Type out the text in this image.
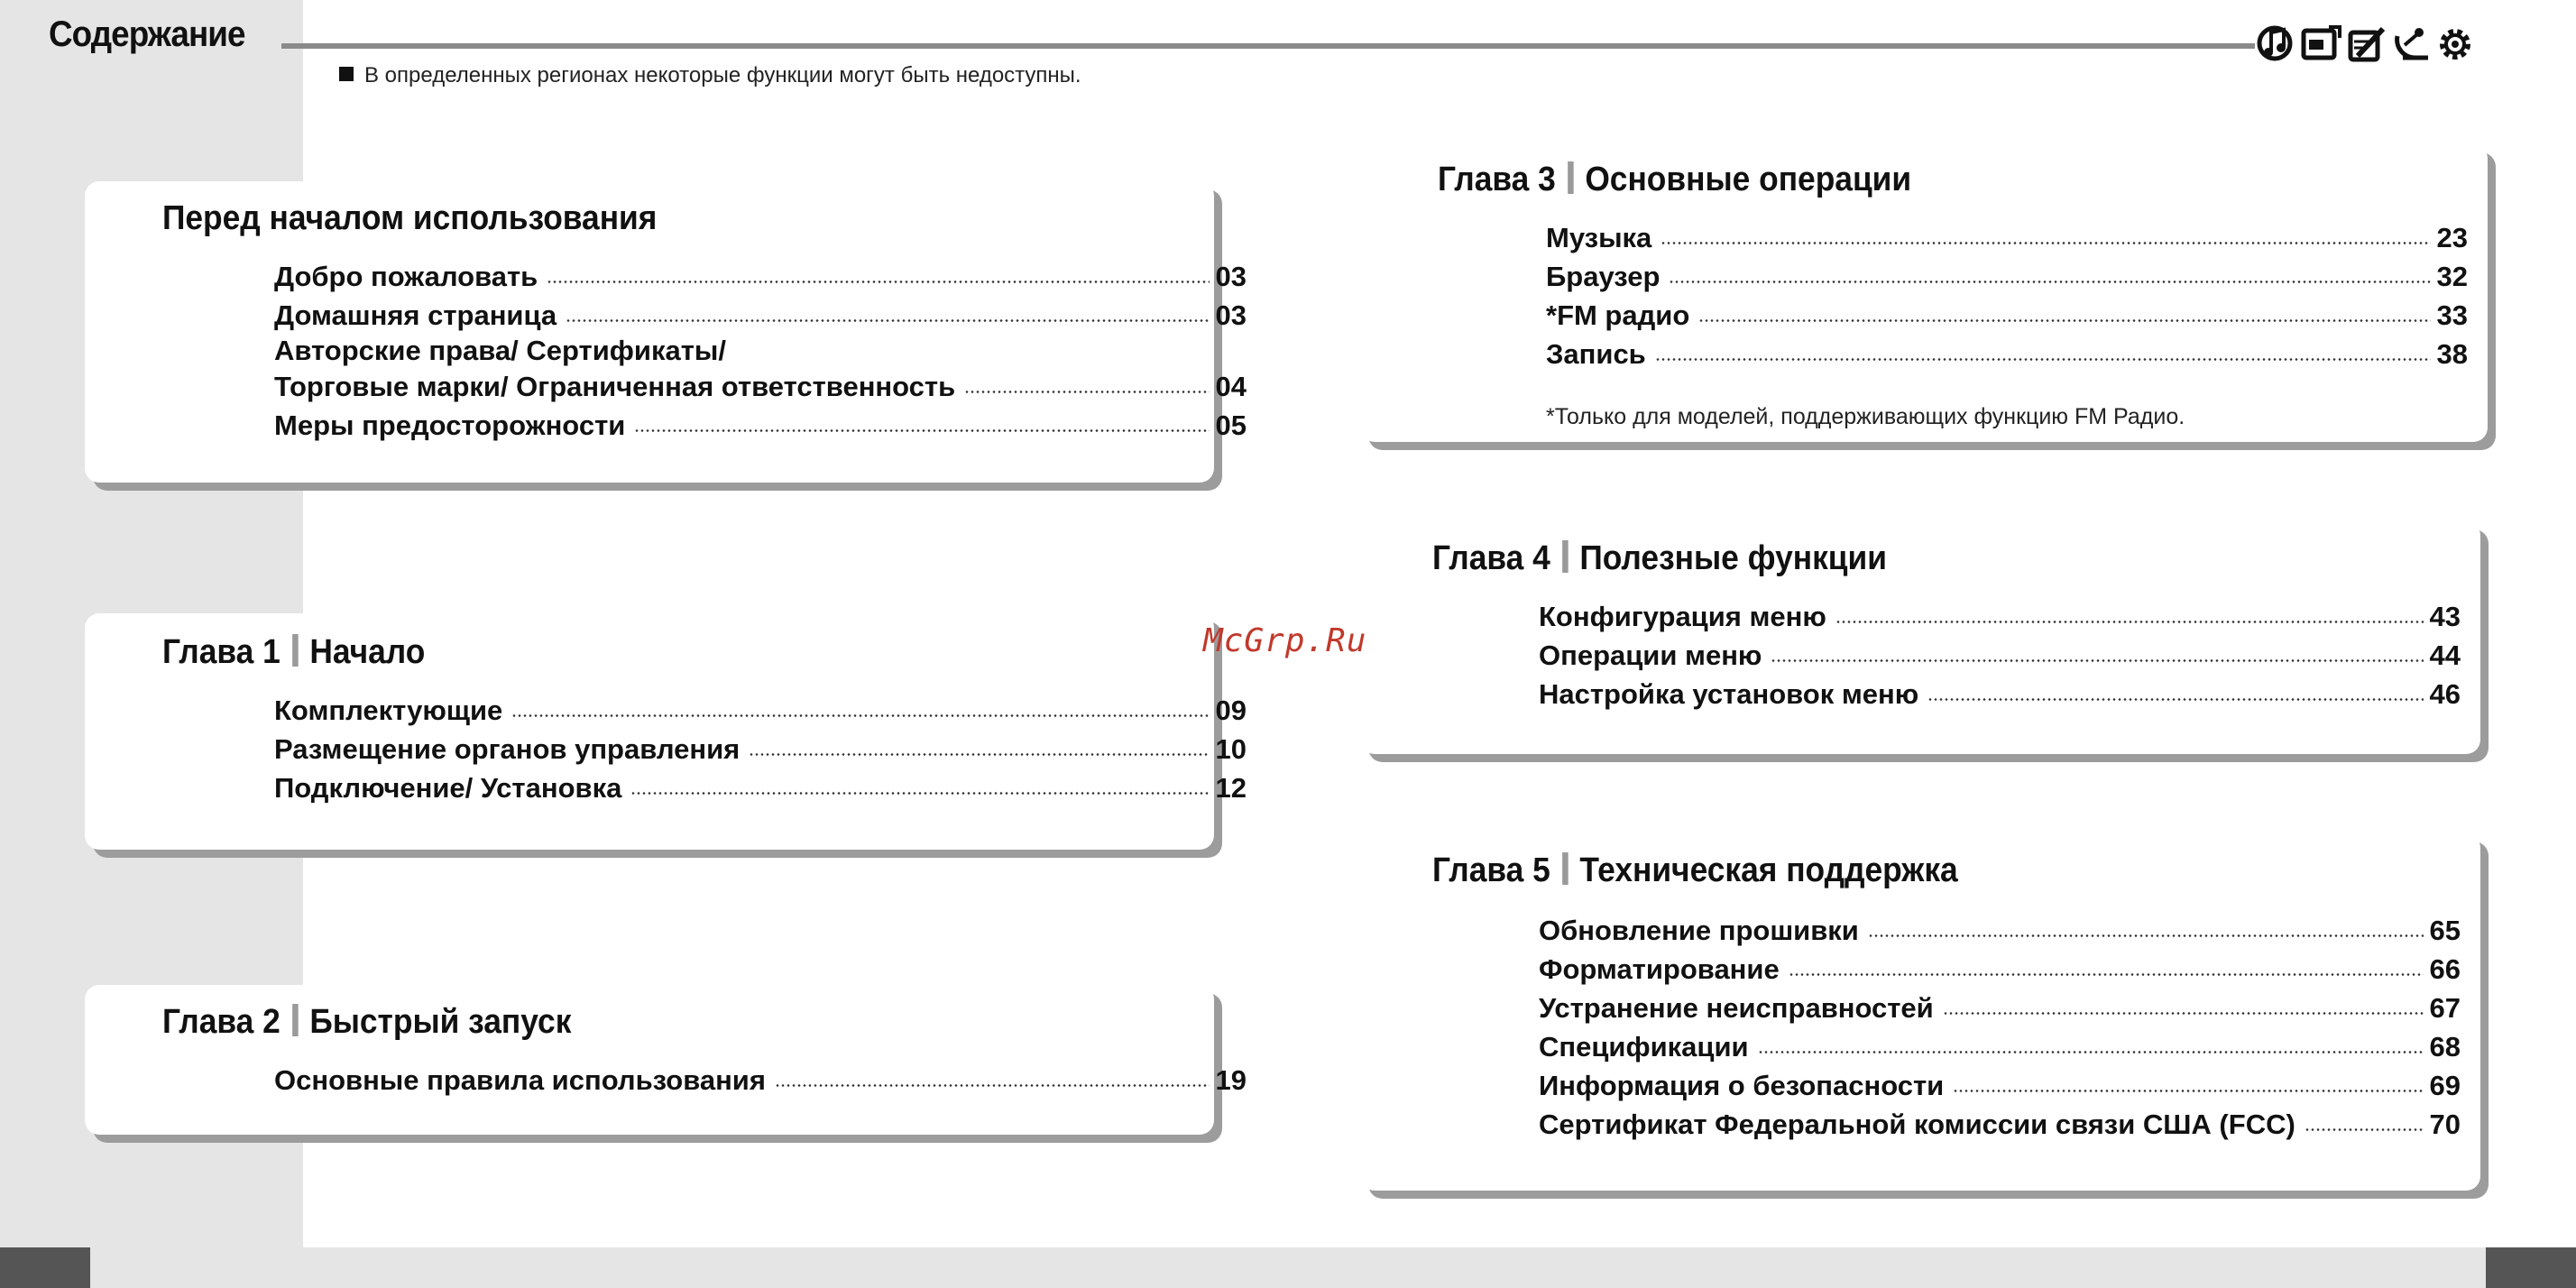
Содержание
В определенных регионах некоторые функции могут быть недоступны.
Перед началом использования
Добро пожаловать	03
Домашняя страница	03
Авторские права/ Сертификаты/
Торговые марки/ Ограниченная ответственность	04
Меры предосторожности	05
Глава 1 Начало
Комплектующие	09
Размещение органов управления	10
Подключение/ Установка	12
Глава 2 Быстрый запуск
Основные правила использования	19
Глава 3 Основные операции
Музыка	23
Браузер	32
*FM радио	33
Запись	38
*Только для моделей, поддерживающих функцию FM Радио.
Глава 4 Полезные функции
Конфигурация меню	43
Операции меню	44
Настройка установок меню	46
Глава 5 Техническая поддержка
Обновление прошивки	65
Форматирование	66
Устранение неисправностей	67
Спецификации	68
Информация о безопасности	69
Сертификат Федеральной комиссии связи США (FCC)	70
McGrp.Ru
